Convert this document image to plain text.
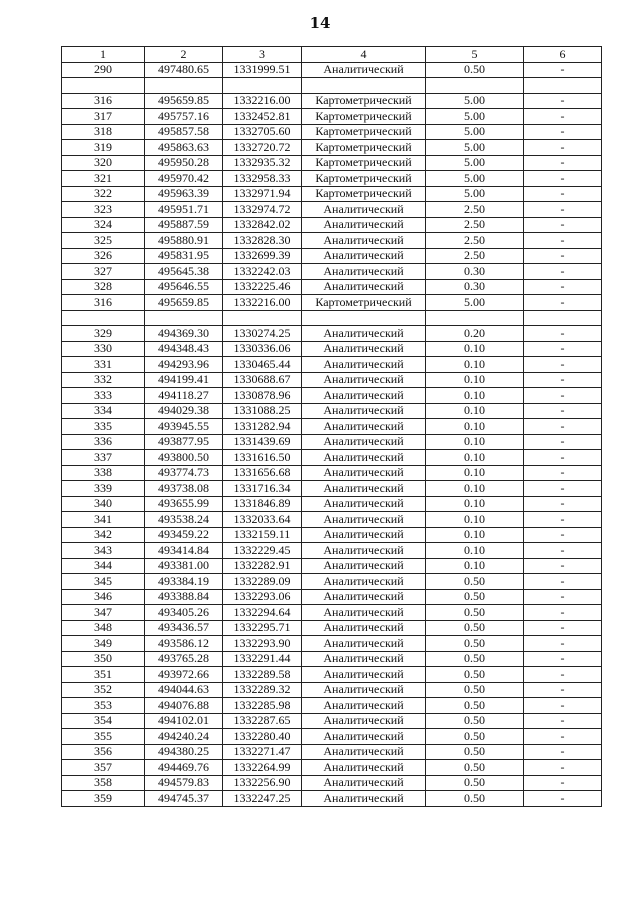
14
1	2	3	4	5	6
290	497480.65	1331999.51	Аналитический	0.50	-

316	495659.85	1332216.00	Картометрический	5.00	-
317	495757.16	1332452.81	Картометрический	5.00	-
318	495857.58	1332705.60	Картометрический	5.00	-
319	495863.63	1332720.72	Картометрический	5.00	-
320	495950.28	1332935.32	Картометрический	5.00	-
321	495970.42	1332958.33	Картометрический	5.00	-
322	495963.39	1332971.94	Картометрический	5.00	-
323	495951.71	1332974.72	Аналитический	2.50	-
324	495887.59	1332842.02	Аналитический	2.50	-
325	495880.91	1332828.30	Аналитический	2.50	-
326	495831.95	1332699.39	Аналитический	2.50	-
327	495645.38	1332242.03	Аналитический	0.30	-
328	495646.55	1332225.46	Аналитический	0.30	-
316	495659.85	1332216.00	Картометрический	5.00	-

329	494369.30	1330274.25	Аналитический	0.20	-
330	494348.43	1330336.06	Аналитический	0.10	-
331	494293.96	1330465.44	Аналитический	0.10	-
332	494199.41	1330688.67	Аналитический	0.10	-
333	494118.27	1330878.96	Аналитический	0.10	-
334	494029.38	1331088.25	Аналитический	0.10	-
335	493945.55	1331282.94	Аналитический	0.10	-
336	493877.95	1331439.69	Аналитический	0.10	-
337	493800.50	1331616.50	Аналитический	0.10	-
338	493774.73	1331656.68	Аналитический	0.10	-
339	493738.08	1331716.34	Аналитический	0.10	-
340	493655.99	1331846.89	Аналитический	0.10	-
341	493538.24	1332033.64	Аналитический	0.10	-
342	493459.22	1332159.11	Аналитический	0.10	-
343	493414.84	1332229.45	Аналитический	0.10	-
344	493381.00	1332282.91	Аналитический	0.10	-
345	493384.19	1332289.09	Аналитический	0.50	-
346	493388.84	1332293.06	Аналитический	0.50	-
347	493405.26	1332294.64	Аналитический	0.50	-
348	493436.57	1332295.71	Аналитический	0.50	-
349	493586.12	1332293.90	Аналитический	0.50	-
350	493765.28	1332291.44	Аналитический	0.50	-
351	493972.66	1332289.58	Аналитический	0.50	-
352	494044.63	1332289.32	Аналитический	0.50	-
353	494076.88	1332285.98	Аналитический	0.50	-
354	494102.01	1332287.65	Аналитический	0.50	-
355	494240.24	1332280.40	Аналитический	0.50	-
356	494380.25	1332271.47	Аналитический	0.50	-
357	494469.76	1332264.99	Аналитический	0.50	-
358	494579.83	1332256.90	Аналитический	0.50	-
359	494745.37	1332247.25	Аналитический	0.50	-
